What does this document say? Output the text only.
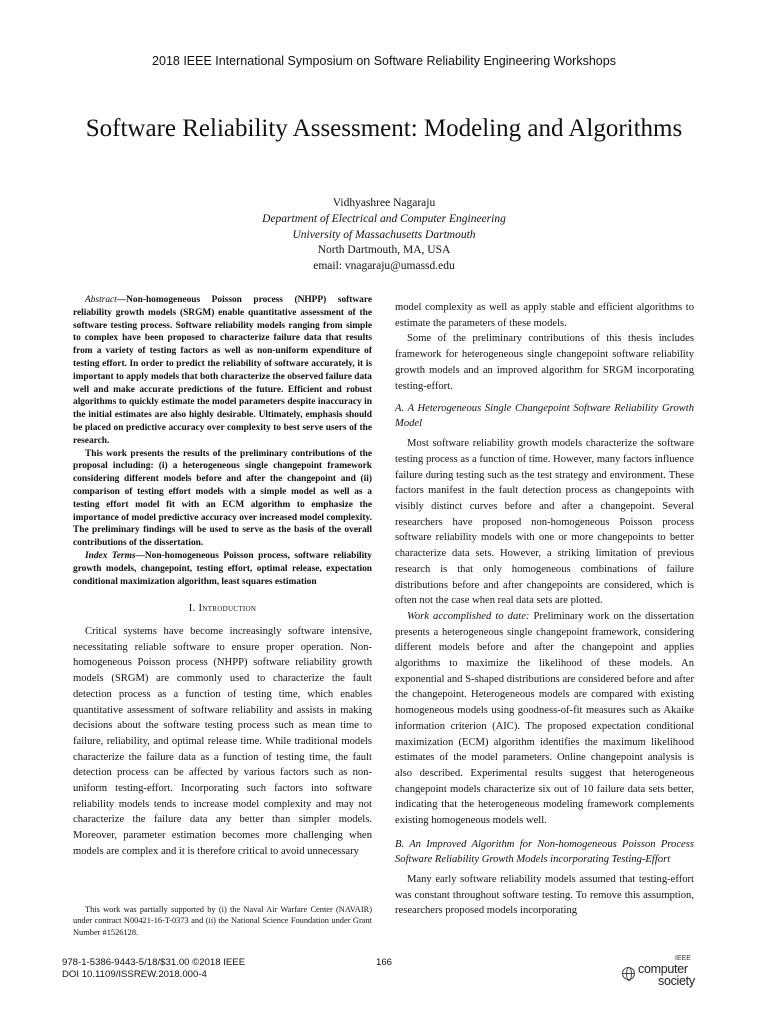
2018 IEEE International Symposium on Software Reliability Engineering Workshops
Software Reliability Assessment: Modeling and Algorithms
Vidhyashree Nagaraju
Department of Electrical and Computer Engineering
University of Massachusetts Dartmouth
North Dartmouth, MA, USA
email: vnagaraju@umassd.edu

Abstract—Non-homogeneous Poisson process (NHPP) software reliability growth models (SRGM) enable quantitative assessment of the software testing process. Software reliability models ranging from simple to complex have been proposed to characterize failure data that results from a variety of testing factors as well as non-uniform expenditure of testing effort. In order to predict the reliability of software accurately, it is important to apply models that both characterize the observed failure data well and make accurate predictions of the future. Efficient and robust algorithms to quickly estimate the model parameters despite inaccuracy in the initial estimates are also highly desirable. Ultimately, emphasis should be placed on predictive accuracy over complexity to best serve users of the research.

This work presents the results of the preliminary contributions of the proposal including: (i) a heterogeneous single changepoint framework considering different models before and after the changepoint and (ii) comparison of testing effort models with a simple model as well as a testing effort model fit with an ECM algorithm to emphasize the importance of model predictive accuracy over increased model complexity. The preliminary findings will be used to serve as the basis of the overall contributions of the dissertation.

Index Terms—Non-homogeneous Poisson process, software reliability growth models, changepoint, testing effort, optimal release, expectation conditional maximization algorithm, least squares estimation

I. Introduction

Critical systems have become increasingly software intensive, necessitating reliable software to ensure proper operation. Non-homogeneous Poisson process (NHPP) software reliability growth models (SRGM) are commonly used to characterize the fault detection process as a function of testing time, which enables quantitative assessment of software reliability and assists in making decisions about the software testing process such as mean time to failure, reliability, and optimal release time. While traditional models characterize the failure data as a function of testing time, the fault detection process can be affected by various factors such as non-uniform testing-effort. Incorporating such factors into software reliability models tends to increase model complexity and may not characterize the failure data any better than simpler models. Moreover, parameter estimation becomes more challenging when models are complex and it is therefore critical to avoid unnecessary

model complexity as well as apply stable and efficient algorithms to estimate the parameters of these models.

Some of the preliminary contributions of this thesis includes framework for heterogeneous single changepoint software reliability growth models and an improved algorithm for SRGM incorporating testing-effort.

A. A Heterogeneous Single Changepoint Software Reliability Growth Model

Most software reliability growth models characterize the software testing process as a function of time. However, many factors influence failure during testing such as the test strategy and environment. These factors manifest in the fault detection process as changepoints with visibly distinct curves before and after a changepoint. Several researchers have proposed non-homogeneous Poisson process software reliability models with one or more changepoints to better characterize data sets. However, a striking limitation of previous research is that only homogeneous combinations of failure distributions before and after changepoints are considered, which is often not the case when real data sets are plotted.

Work accomplished to date: Preliminary work on the dissertation presents a heterogeneous single changepoint framework, considering different models before and after the changepoint and applies algorithms to maximize the likelihood of these models. An exponential and S-shaped distributions are considered before and after the changepoint. Heterogeneous models are compared with existing homogeneous models using goodness-of-fit measures such as Akaike information criterion (AIC). The proposed expectation conditional maximization (ECM) algorithm identifies the maximum likelihood estimates of the model parameters. Online changepoint analysis is also described. Experimental results suggest that heterogeneous changepoint models characterize six out of 10 failure data sets better, indicating that the heterogeneous modeling framework complements existing homogeneous models well.

B. An Improved Algorithm for Non-homogeneous Poisson Process Software Reliability Growth Models incorporating Testing-Effort

Many early software reliability models assumed that testing-effort was constant throughout software testing. To remove this assumption, researchers proposed models incorporating

This work was partially supported by (i) the Naval Air Warfare Center (NAVAIR) under contract N00421-16-T-0373 and (ii) the National Science Foundation under Grant Number #1526128.
978-1-5386-9443-5/18/$31.00 ©2018 IEEE
DOI 10.1109/ISSREW.2018.000-4
166	IEEE
computer
society
